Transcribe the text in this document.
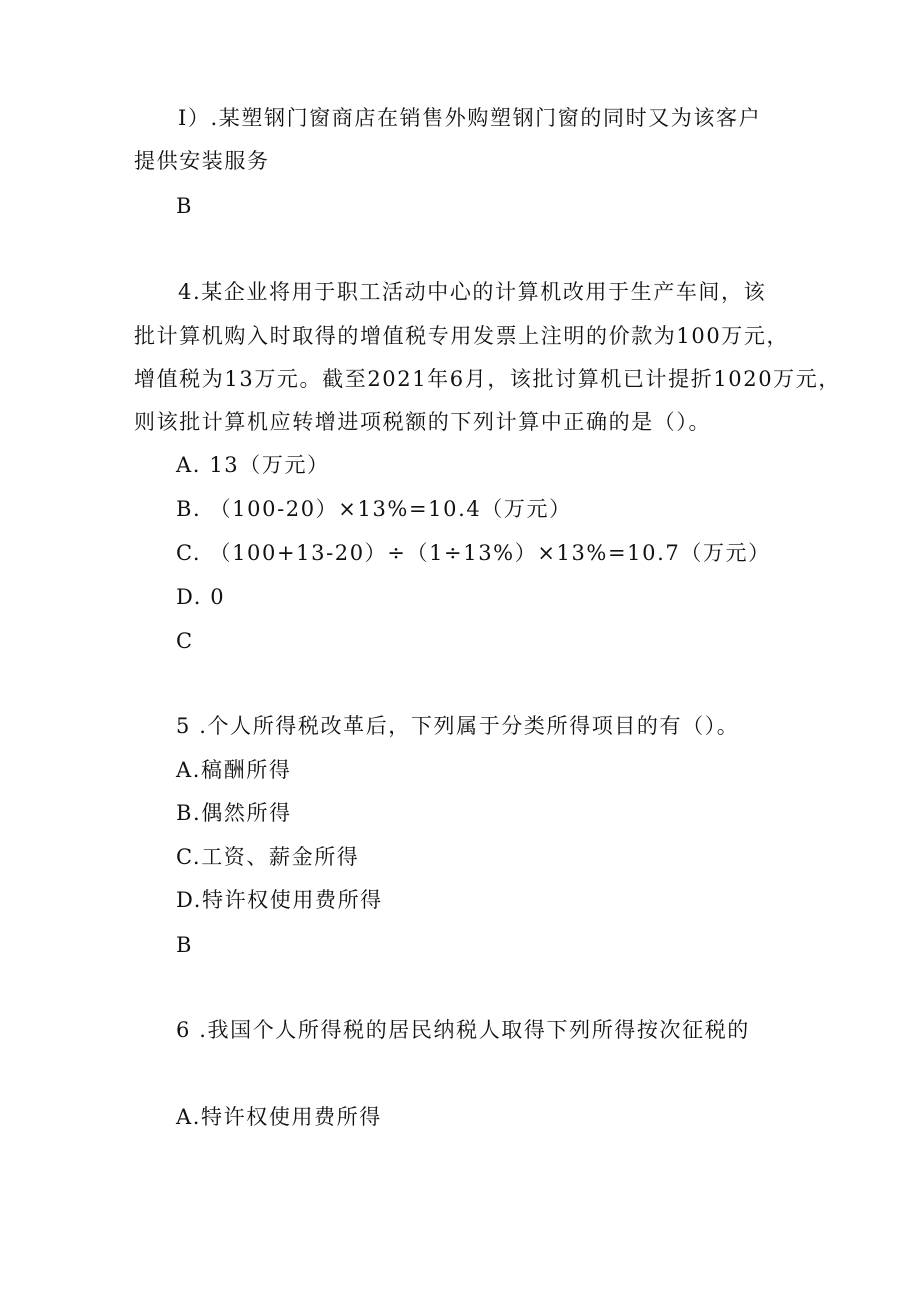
I）.某塑钢门窗商店在销售外购塑钢门窗的同时又为该客户
提供安装服务
B
4.某企业将用于职工活动中心的计算机改用于生产车间，该
批计算机购入时取得的增值税专用发票上注明的价款为100万元，
增值税为13万元。截至2021年6月，该批讨算机已计提折1020万元，
则该批计算机应转增进项税额的下列计算中正确的是（）。
A. 13（万元）
B. （100-20）×13%=10.4（万元）
C. （100+13-20）÷（1÷13%）×13%=10.7（万元）
D. 0
C
5 .个人所得税改革后，下列属于分类所得项目的有（）。
A.稿酬所得
B.偶然所得
C.工资、薪金所得
D.特许权使用费所得
B
6 .我国个人所得税的居民纳税人取得下列所得按次征税的
A.特许权使用费所得
